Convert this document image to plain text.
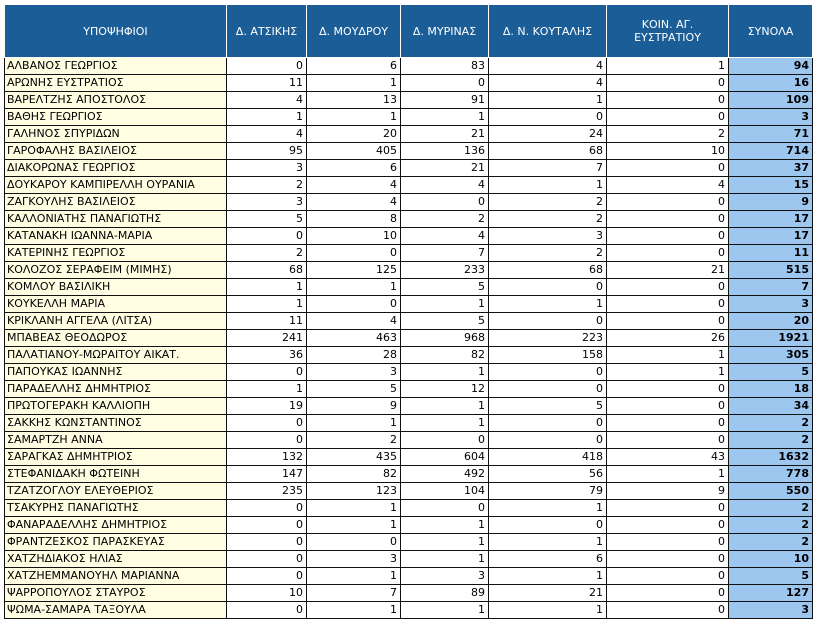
ΥΠΟΨΗΦΙΟΙ	Δ. ΑΤΣΙΚΗΣ	Δ. ΜΟΥΔΡΟΥ	Δ. ΜΥΡΙΝΑΣ	Δ. Ν. ΚΟΥΤΑΛΗΣ	ΚΟΙΝ. ΑΓ. ΕΥΣΤΡΑΤΙΟΥ	ΣΥΝΟΛΑ
ΑΛΒΑΝΟΣ ΓΕΩΡΓΙΟΣ	0	6	83	4	1	94
ΑΡΩΝΗΣ ΕΥΣΤΡΑΤΙΟΣ	11	1	0	4	0	16
ΒΑΡΕΛΤΖΗΣ ΑΠΟΣΤΟΛΟΣ	4	13	91	1	0	109
ΒΑΘΗΣ ΓΕΩΡΓΙΟΣ	1	1	1	0	0	3
ΓΑΛΗΝΟΣ ΣΠΥΡΙΔΩΝ	4	20	21	24	2	71
ΓΑΡΟΦΑΛΗΣ ΒΑΣΙΛΕΙΟΣ	95	405	136	68	10	714
ΔΙΑΚΟΡΩΝΑΣ ΓΕΩΡΓΙΟΣ	3	6	21	7	0	37
ΔΟΥΚΑΡΟΥ ΚΑΜΠΙΡΕΛΛΗ ΟΥΡΑΝΙΑ	2	4	4	1	4	15
ΖΑΓΚΟΥΛΗΣ ΒΑΣΙΛΕΙΟΣ	3	4	0	2	0	9
ΚΑΛΛΟΝΙΑΤΗΣ ΠΑΝΑΓΙΩΤΗΣ	5	8	2	2	0	17
ΚΑΤΑΝΑΚΗ ΙΩΑΝΝΑ-ΜΑΡΙΑ	0	10	4	3	0	17
ΚΑΤΕΡΙΝΗΣ ΓΕΩΡΓΙΟΣ	2	0	7	2	0	11
ΚΟΛΟΖΟΣ ΣΕΡΑΦΕΙΜ (ΜΙΜΗΣ)	68	125	233	68	21	515
ΚΟΜΛΟΥ ΒΑΣΙΛΙΚΗ	1	1	5	0	0	7
ΚΟΥΚΕΛΛΗ ΜΑΡΙΑ	1	0	1	1	0	3
ΚΡΙΚΛΑΝΗ ΑΓΓΕΛΑ (ΛΙΤΣΑ)	11	4	5	0	0	20
ΜΠΑΒΕΑΣ ΘΕΟΔΩΡΟΣ	241	463	968	223	26	1921
ΠΑΛΑΤΙΑΝΟΥ-ΜΩΡΑΙΤΟΥ ΑΙΚΑΤ.	36	28	82	158	1	305
ΠΑΠΟΥΚΑΣ ΙΩΑΝΝΗΣ	0	3	1	0	1	5
ΠΑΡΑΔΕΛΛΗΣ ΔΗΜΗΤΡΙΟΣ	1	5	12	0	0	18
ΠΡΩΤΟΓΕΡΑΚΗ ΚΑΛΛΙΟΠΗ	19	9	1	5	0	34
ΣΑΚΚΗΣ ΚΩΝΣΤΑΝΤΙΝΟΣ	0	1	1	0	0	2
ΣΑΜΑΡΤΖΗ ΑΝΝΑ	0	2	0	0	0	2
ΣΑΡΑΓΚΑΣ ΔΗΜΗΤΡΙΟΣ	132	435	604	418	43	1632
ΣΤΕΦΑΝΙΔΑΚΗ ΦΩΤΕΙΝΗ	147	82	492	56	1	778
ΤΖΑΤΖΟΓΛΟΥ ΕΛΕΥΘΕΡΙΟΣ	235	123	104	79	9	550
ΤΣΑΚΥΡΗΣ ΠΑΝΑΓΙΩΤΗΣ	0	1	0	1	0	2
ΦΑΝΑΡΑΔΕΛΛΗΣ ΔΗΜΗΤΡΙΟΣ	0	1	1	0	0	2
ΦΡΑΝΤΖΕΣΚΟΣ ΠΑΡΑΣΚΕΥΑΣ	0	0	1	1	0	2
ΧΑΤΖΗΔΙΑΚΟΣ ΗΛΙΑΣ	0	3	1	6	0	10
ΧΑΤΖΗΕΜΜΑΝΟΥΗΛ ΜΑΡΙΑΝΝΑ	0	1	3	1	0	5
ΨΑΡΡΟΠΟΥΛΟΣ ΣΤΑΥΡΟΣ	10	7	89	21	0	127
ΨΩΜΑ-ΣΑΜΑΡΑ ΤΑΞΟΥΛΑ	0	1	1	1	0	3
